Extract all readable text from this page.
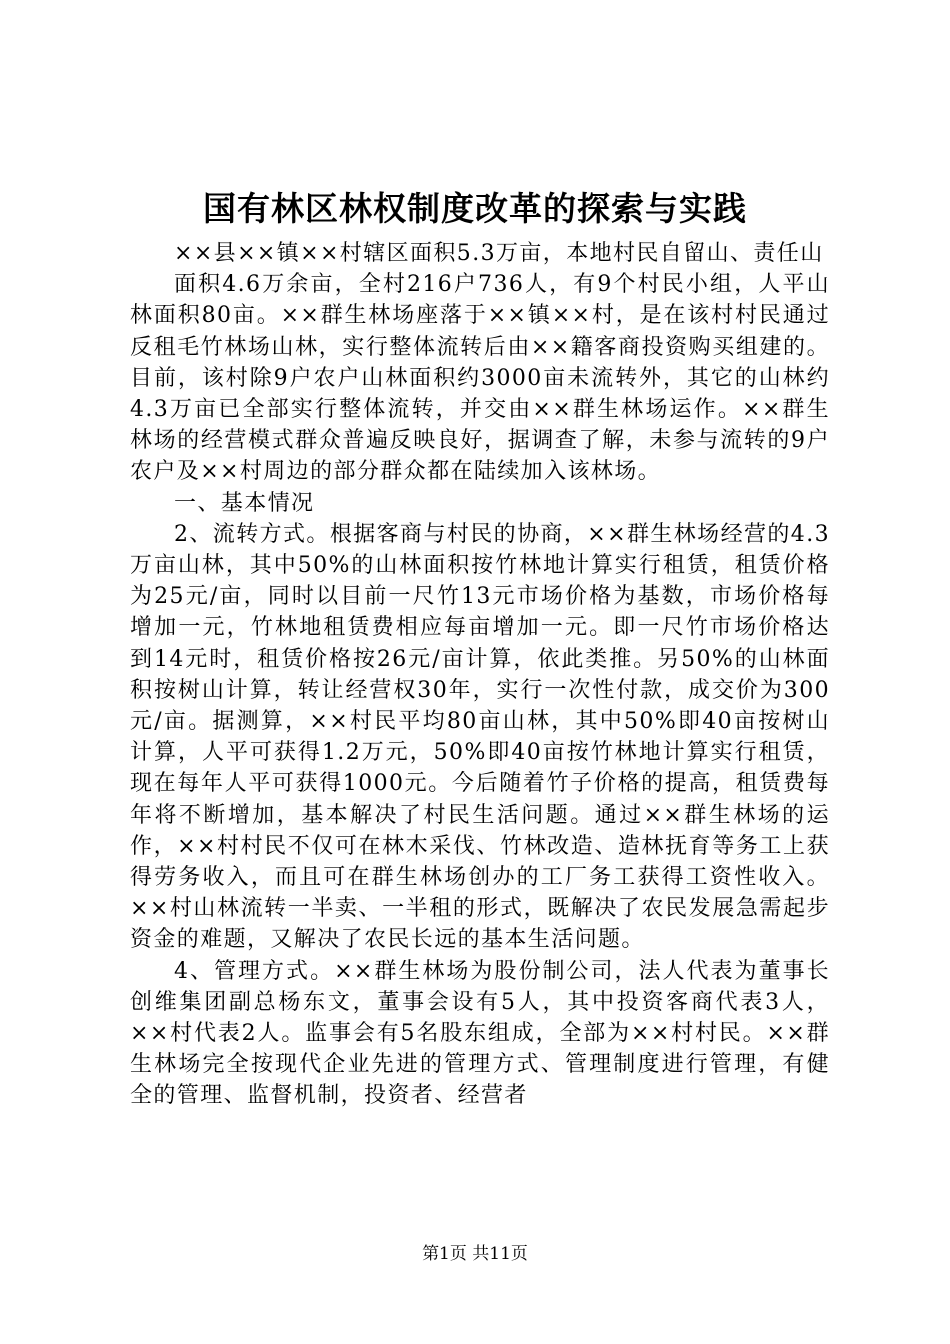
国有林区林权制度改革的探索与实践

××县××镇××村辖区面积5.3万亩，本地村民自留山、责任山

面积4.6万余亩，全村216户736人，有9个村民小组，人平山林面积80亩。××群生林场座落于××镇××村，是在该村村民通过反租毛竹林场山林，实行整体流转后由××籍客商投资购买组建的。目前，该村除9户农户山林面积约3000亩未流转外，其它的山林约4.3万亩已全部实行整体流转，并交由××群生林场运作。××群生林场的经营模式群众普遍反映良好，据调查了解，未参与流转的9户农户及××村周边的部分群众都在陆续加入该林场。

一、基本情况

2、流转方式。根据客商与村民的协商，××群生林场经营的4.3万亩山林，其中50%的山林面积按竹林地计算实行租赁，租赁价格为25元/亩，同时以目前一尺竹13元市场价格为基数，市场价格每增加一元，竹林地租赁费相应每亩增加一元。即一尺竹市场价格达到14元时，租赁价格按26元/亩计算，依此类推。另50%的山林面积按树山计算，转让经营权30年，实行一次性付款，成交价为300元/亩。据测算，××村民平均80亩山林，其中50%即40亩按树山计算，人平可获得1.2万元，50%即40亩按竹林地计算实行租赁，现在每年人平可获得1000元。今后随着竹子价格的提高，租赁费每年将不断增加，基本解决了村民生活问题。通过××群生林场的运作，××村村民不仅可在林木采伐、竹林改造、造林抚育等务工上获得劳务收入，而且可在群生林场创办的工厂务工获得工资性收入。××村山林流转一半卖、一半租的形式，既解决了农民发展急需起步资金的难题，又解决了农民长远的基本生活问题。

4、管理方式。××群生林场为股份制公司，法人代表为董事长创维集团副总杨东文，董事会设有5人，其中投资客商代表3人，××村代表2人。监事会有5名股东组成，全部为××村村民。××群生林场完全按现代企业先进的管理方式、管理制度进行管理，有健全的管理、监督机制，投资者、经营者

第1页 共11页
